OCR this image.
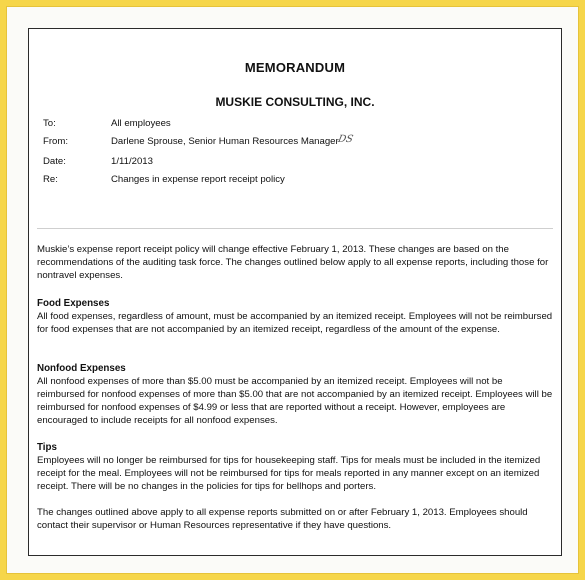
MEMORANDUM
MUSKIE CONSULTING, INC.
To:	All employees
From:	Darlene Sprouse, Senior Human Resources Manager
DS
Date:	1/11/2013
Re:	Changes in expense report receipt policy

Muskie’s expense report receipt policy will change effective February 1, 2013. These changes are based on the recommendations of the auditing task force. The changes outlined below apply to all expense reports, including those for nontravel expenses.

Food Expenses

All food expenses, regardless of amount, must be accompanied by an itemized receipt. Employees will not be reimbursed for food expenses that are not accompanied by an itemized receipt, regardless of the amount of the expense.

Nonfood Expenses

All nonfood expenses of more than $5.00 must be accompanied by an itemized receipt. Employees will not be reimbursed for nonfood expenses of more than $5.00 that are not accompanied by an itemized receipt. Employees will be reimbursed for nonfood expenses of $4.99 or less that are reported without a receipt. However, employees are encouraged to include receipts for all nonfood expenses.

Tips

Employees will no longer be reimbursed for tips for housekeeping staff. Tips for meals must be included in the itemized receipt for the meal. Employees will not be reimbursed for tips for meals reported in any manner except on an itemized receipt. There will be no changes in the policies for tips for bellhops and porters.

The changes outlined above apply to all expense reports submitted on or after February 1, 2013. Employees should contact their supervisor or Human Resources representative if they have questions.
